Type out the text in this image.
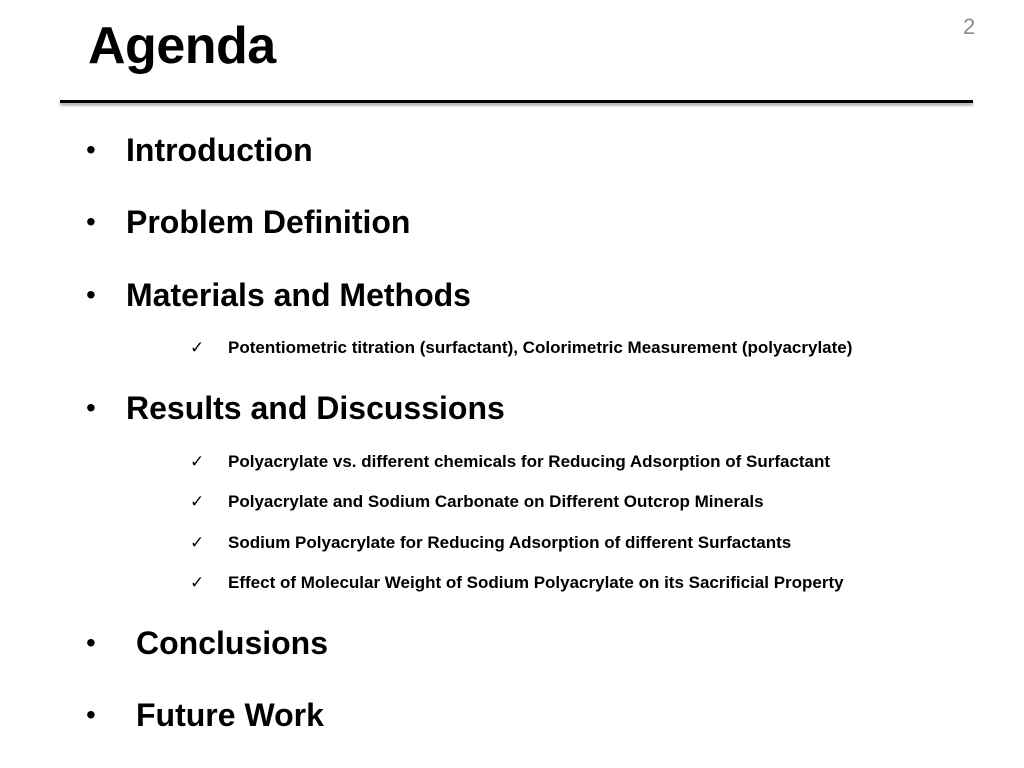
Agenda	2
• Introduction
• Problem Definition
• Materials and Methods
✓	Potentiometric titration (surfactant), Colorimetric Measurement (polyacrylate)
• Results and Discussions
✓	Polyacrylate vs. different chemicals for Reducing Adsorption of Surfactant
✓	Polyacrylate and Sodium Carbonate on Different Outcrop Minerals
✓	Sodium Polyacrylate for Reducing Adsorption of different Surfactants
✓	Effect of Molecular Weight of Sodium Polyacrylate on its Sacrificial Property
•	Conclusions
•	Future Work
